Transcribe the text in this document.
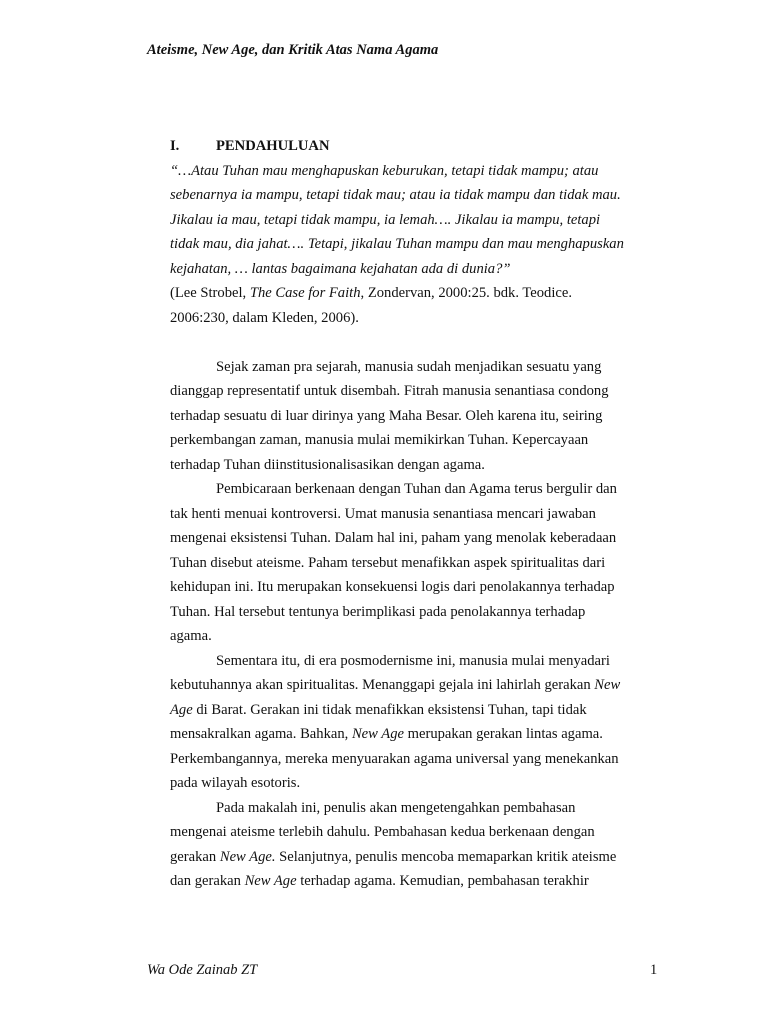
Ateisme, New Age, dan Kritik Atas Nama Agama

I.	PENDAHULUAN

“…Atau Tuhan mau menghapuskan keburukan, tetapi tidak mampu; atau
sebenarnya ia mampu, tetapi tidak mau; atau ia tidak mampu dan tidak mau.
Jikalau ia mau, tetapi tidak mampu, ia lemah…. Jikalau ia mampu, tetapi
tidak mau, dia jahat…. Tetapi, jikalau Tuhan mampu dan mau menghapuskan
kejahatan, … lantas bagaimana kejahatan ada di dunia?”

(Lee Strobel, The Case for Faith, Zondervan, 2000:25. bdk. Teodice.
2006:230, dalam Kleden, 2006).

Sejak zaman pra sejarah, manusia sudah menjadikan sesuatu yang
dianggap representatif untuk disembah. Fitrah manusia senantiasa condong
terhadap sesuatu di luar dirinya yang Maha Besar. Oleh karena itu, seiring
perkembangan zaman, manusia mulai memikirkan Tuhan. Kepercayaan
terhadap Tuhan diinstitusionalisasikan dengan agama.

Pembicaraan berkenaan dengan Tuhan dan Agama terus bergulir dan
tak henti menuai kontroversi. Umat manusia senantiasa mencari jawaban
mengenai eksistensi Tuhan. Dalam hal ini, paham yang menolak keberadaan
Tuhan disebut ateisme. Paham tersebut menafikkan aspek spiritualitas dari
kehidupan ini. Itu merupakan konsekuensi logis dari penolakannya terhadap
Tuhan. Hal tersebut tentunya berimplikasi pada penolakannya terhadap
agama.

Sementara itu, di era posmodernisme ini, manusia mulai menyadari
kebutuhannya akan spiritualitas. Menanggapi gejala ini lahirlah gerakan New
Age di Barat. Gerakan ini tidak menafikkan eksistensi Tuhan, tapi tidak
mensakralkan agama. Bahkan, New Age merupakan gerakan lintas agama.
Perkembangannya, mereka menyuarakan agama universal yang menekankan
pada wilayah esotoris.

Pada makalah ini, penulis akan mengetengahkan pembahasan
mengenai ateisme terlebih dahulu. Pembahasan kedua berkenaan dengan
gerakan New Age. Selanjutnya, penulis mencoba memaparkan kritik ateisme
dan gerakan New Age terhadap agama. Kemudian, pembahasan terakhir

Wa Ode Zainab ZT	1
